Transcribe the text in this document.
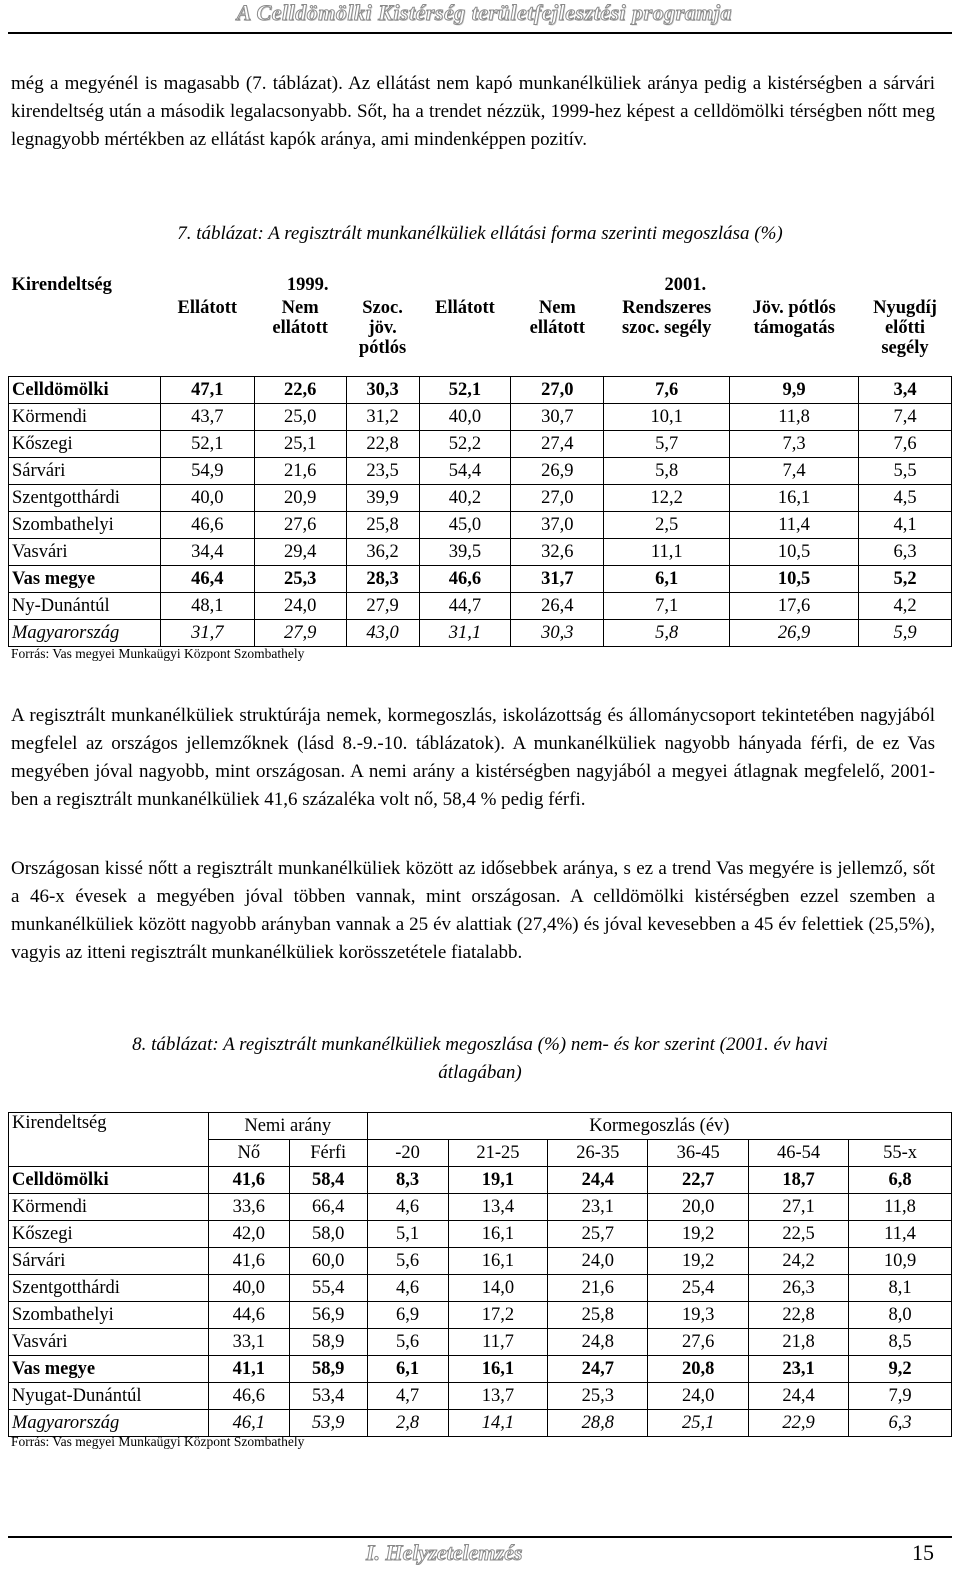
A Celldömölki Kistérség területfejlesztési programja

még a megyénél is magasabb (7. táblázat). Az ellátást nem kapó munkanélküliek aránya pedig a kistérségben a sárvári kirendeltség után a második legalacsonyabb. Sőt, ha a trendet nézzük, 1999-hez képest a celldömölki térségben nőtt meg legnagyobb mértékben az ellátást kapók aránya, ami mindenképpen pozitív.

7. táblázat: A regisztrált munkanélküliek ellátási forma szerinti megoszlása (%)
Kirendeltség	1999.			2001.				
	Ellátott	Nem ellátott	Szoc. jöv. pótlós	Ellátott	Nem ellátott	Rendszeres szoc. segély	Jöv. pótlós támogatás	Nyugdíj előtti segély
Celldömölki	47,1	22,6	30,3	52,1	27,0	7,6	9,9	3,4
Körmendi	43,7	25,0	31,2	40,0	30,7	10,1	11,8	7,4
Kőszegi	52,1	25,1	22,8	52,2	27,4	5,7	7,3	7,6
Sárvári	54,9	21,6	23,5	54,4	26,9	5,8	7,4	5,5
Szentgotthárdi	40,0	20,9	39,9	40,2	27,0	12,2	16,1	4,5
Szombathelyi	46,6	27,6	25,8	45,0	37,0	2,5	11,4	4,1
Vasvári	34,4	29,4	36,2	39,5	32,6	11,1	10,5	6,3
Vas megye	46,4	25,3	28,3	46,6	31,7	6,1	10,5	5,2
Ny-Dunántúl	48,1	24,0	27,9	44,7	26,4	7,1	17,6	4,2
Magyarország	31,7	27,9	43,0	31,1	30,3	5,8	26,9	5,9
Forrás: Vas megyei Munkaügyi Központ Szombathely

A regisztrált munkanélküliek struktúrája nemek, kormegoszlás, iskolázottság és állománycsoport tekintetében nagyjából megfelel az országos jellemzőknek (lásd 8.-9.-10. táblázatok). A munkanélküliek nagyobb hányada férfi, de ez Vas megyében jóval nagyobb, mint országosan. A nemi arány a kistérségben nagyjából a megyei átlagnak megfelelő, 2001-ben a regisztrált munkanélküliek 41,6 százaléka volt nő, 58,4 % pedig férfi.

Országosan kissé nőtt a regisztrált munkanélküliek között az idősebbek aránya, s ez a trend Vas megyére is jellemző, sőt a 46-x évesek a megyében jóval többen vannak, mint országosan. A celldömölki kistérségben ezzel szemben a munkanélküliek között nagyobb arányban vannak a 25 év alattiak (27,4%) és jóval kevesebben a 45 év felettiek (25,5%), vagyis az itteni regisztrált munkanélküliek korösszetétele fiatalabb.

8. táblázat: A regisztrált munkanélküliek megoszlása (%) nem- és kor szerint (2001. év havi
átlagában)
Kirendeltség	Nemi arány		Kormegoszlás (év)					
	Nő	Férfi	-20	21-25	26-35	36-45	46-54	55-x
Celldömölki	41,6	58,4	8,3	19,1	24,4	22,7	18,7	6,8
Körmendi	33,6	66,4	4,6	13,4	23,1	20,0	27,1	11,8
Kőszegi	42,0	58,0	5,1	16,1	25,7	19,2	22,5	11,4
Sárvári	41,6	60,0	5,6	16,1	24,0	19,2	24,2	10,9
Szentgotthárdi	40,0	55,4	4,6	14,0	21,6	25,4	26,3	8,1
Szombathelyi	44,6	56,9	6,9	17,2	25,8	19,3	22,8	8,0
Vasvári	33,1	58,9	5,6	11,7	24,8	27,6	21,8	8,5
Vas megye	41,1	58,9	6,1	16,1	24,7	20,8	23,1	9,2
Nyugat-Dunántúl	46,6	53,4	4,7	13,7	25,3	24,0	24,4	7,9
Magyarország	46,1	53,9	2,8	14,1	28,8	25,1	22,9	6,3
Forrás: Vas megyei Munkaügyi Központ Szombathely
I. Helyzetelemzés	15
